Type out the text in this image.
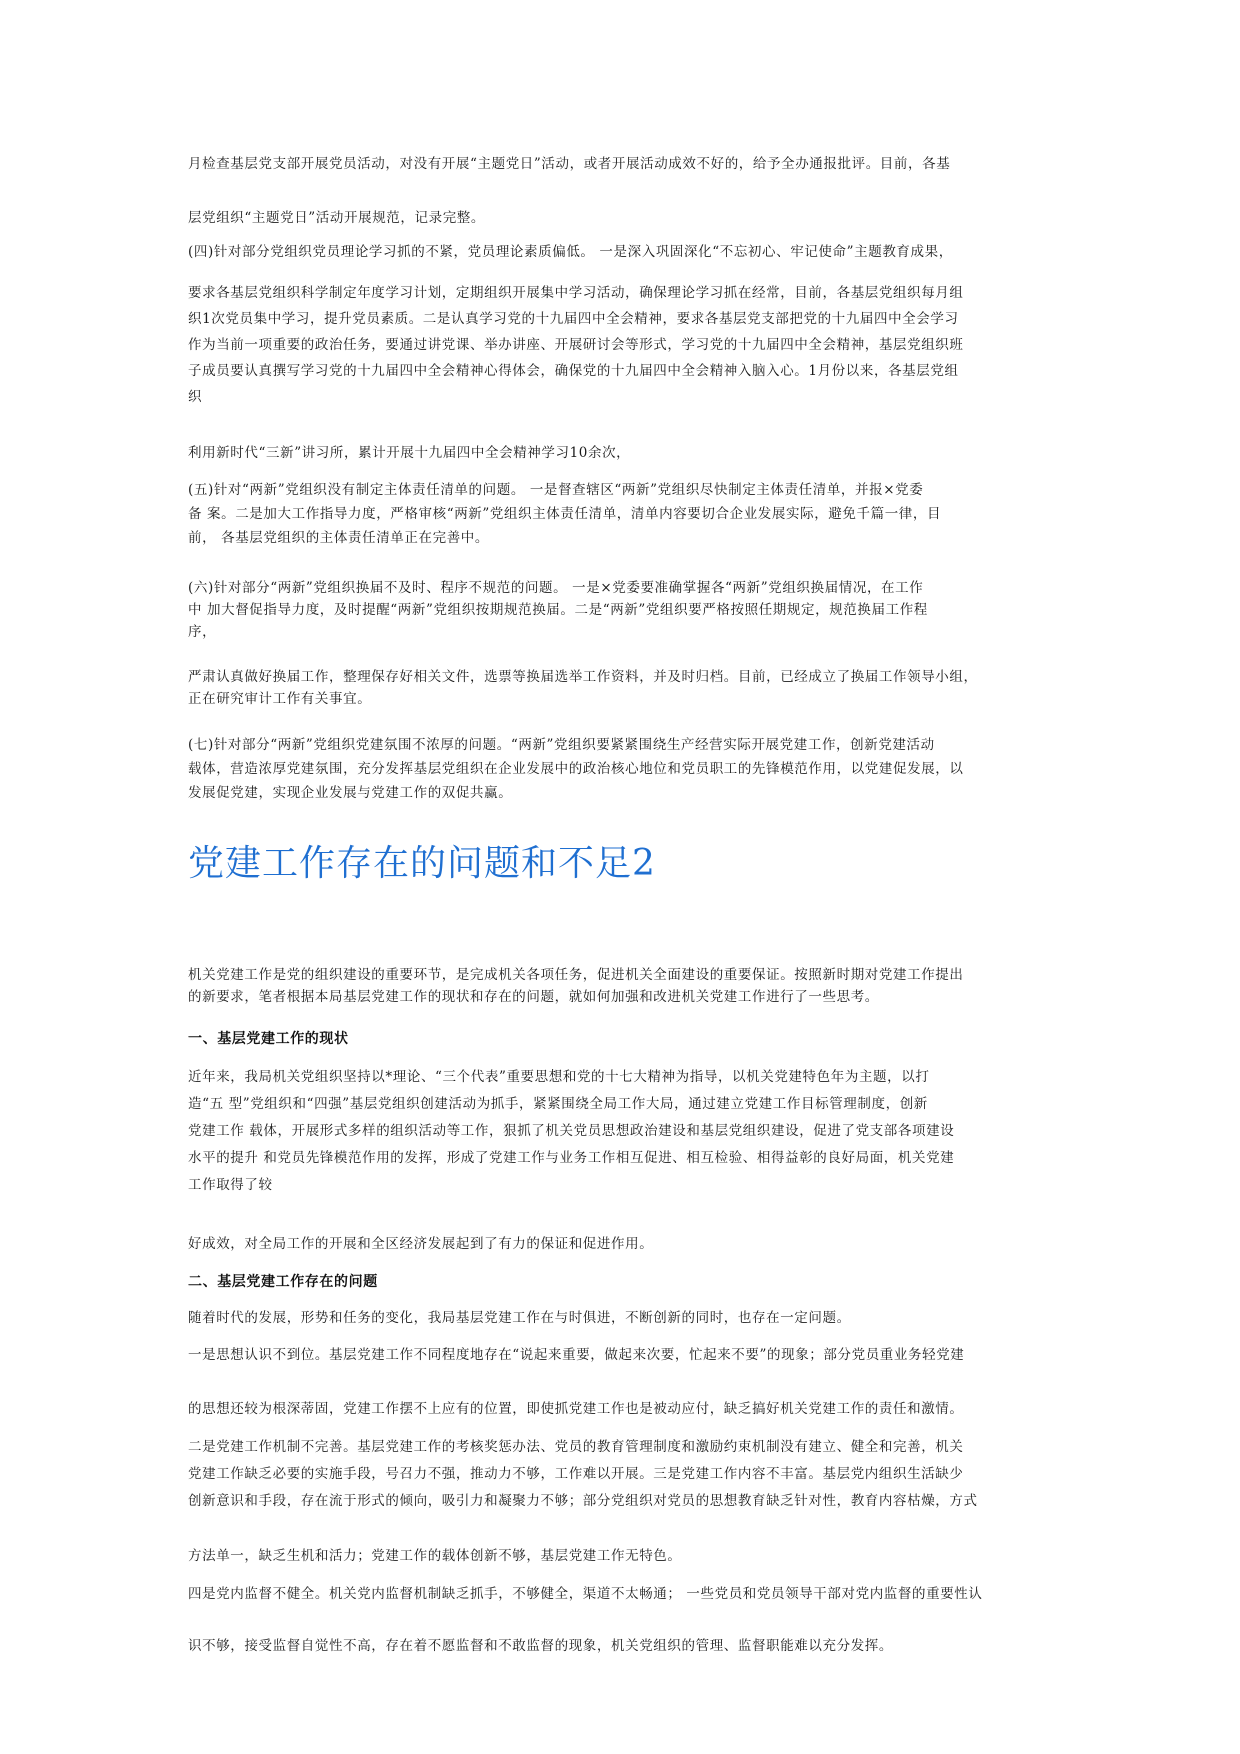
月检查基层党支部开展党员活动，对没有开展“主题党日”活动，或者开展活动成效不好的，给予全办通报批评。目前，各基
层党组织“主题党日”活动开展规范，记录完整。
(四)针对部分党组织党员理论学习抓的不紧，党员理论素质偏低。 一是深入巩固深化“不忘初心、牢记使命”主题教育成果，
要求各基层党组织科学制定年度学习计划，定期组织开展集中学习活动，确保理论学习抓在经常，目前，各基层党组织每月组
织1次党员集中学习，提升党员素质。二是认真学习党的十九届四中全会精神，要求各基层党支部把党的十九届四中全会学习
作为当前一项重要的政治任务，要通过讲党课、举办讲座、开展研讨会等形式，学习党的十九届四中全会精神，基层党组织班
子成员要认真撰写学习党的十九届四中全会精神心得体会，确保党的十九届四中全会精神入脑入心。1月份以来，各基层党组
织
利用新时代“三新”讲习所，累计开展十九届四中全会精神学习10余次，
(五)针对“两新”党组织没有制定主体责任清单的问题。 一是督查辖区“两新”党组织尽快制定主体责任清单，并报×党委
备 案。二是加大工作指导力度，严格审核“两新”党组织主体责任清单，清单内容要切合企业发展实际，避免千篇一律，目
前， 各基层党组织的主体责任清单正在完善中。
(六)针对部分“两新”党组织换届不及时、程序不规范的问题。 一是×党委要准确掌握各“两新”党组织换届情况，在工作
中 加大督促指导力度，及时提醒“两新”党组织按期规范换届。二是“两新”党组织要严格按照任期规定，规范换届工作程
序，
严肃认真做好换届工作，整理保存好相关文件，选票等换届选举工作资料，并及时归档。目前，已经成立了换届工作领导小组，
正在研究审计工作有关事宜。
(七)针对部分“两新”党组织党建氛围不浓厚的问题。“两新”党组织要紧紧围绕生产经营实际开展党建工作，创新党建活动
载体，营造浓厚党建氛围，充分发挥基层党组织在企业发展中的政治核心地位和党员职工的先锋模范作用，以党建促发展，以
发展促党建，实现企业发展与党建工作的双促共赢。
党建工作存在的问题和不足2
机关党建工作是党的组织建设的重要环节，是完成机关各项任务，促进机关全面建设的重要保证。按照新时期对党建工作提出
的新要求，笔者根据本局基层党建工作的现状和存在的问题，就如何加强和改进机关党建工作进行了一些思考。
一、基层党建工作的现状
近年来，我局机关党组织坚持以*理论、“三个代表”重要思想和党的十七大精神为指导，以机关党建特色年为主题，以打
造“五 型”党组织和“四强”基层党组织创建活动为抓手，紧紧围绕全局工作大局，通过建立党建工作目标管理制度，创新
党建工作 载体，开展形式多样的组织活动等工作，狠抓了机关党员思想政治建设和基层党组织建设，促进了党支部各项建设
水平的提升 和党员先锋模范作用的发挥，形成了党建工作与业务工作相互促进、相互检验、相得益彰的良好局面，机关党建
工作取得了较
好成效，对全局工作的开展和全区经济发展起到了有力的保证和促进作用。
二、基层党建工作存在的问题
随着时代的发展，形势和任务的变化，我局基层党建工作在与时俱进，不断创新的同时，也存在一定问题。
一是思想认识不到位。基层党建工作不同程度地存在“说起来重要，做起来次要，忙起来不要”的现象；部分党员重业务轻党建
的思想还较为根深蒂固，党建工作摆不上应有的位置，即使抓党建工作也是被动应付，缺乏搞好机关党建工作的责任和激情。
二是党建工作机制不完善。基层党建工作的考核奖惩办法、党员的教育管理制度和激励约束机制没有建立、健全和完善，机关
党建工作缺乏必要的实施手段，号召力不强，推动力不够，工作难以开展。三是党建工作内容不丰富。基层党内组织生活缺少
创新意识和手段，存在流于形式的倾向，吸引力和凝聚力不够；部分党组织对党员的思想教育缺乏针对性，教育内容枯燥，方式
方法单一，缺乏生机和活力；党建工作的载体创新不够，基层党建工作无特色。
四是党内监督不健全。机关党内监督机制缺乏抓手，不够健全，渠道不太畅通； 一些党员和党员领导干部对党内监督的重要性认
识不够，接受监督自觉性不高，存在着不愿监督和不敢监督的现象，机关党组织的管理、监督职能难以充分发挥。
